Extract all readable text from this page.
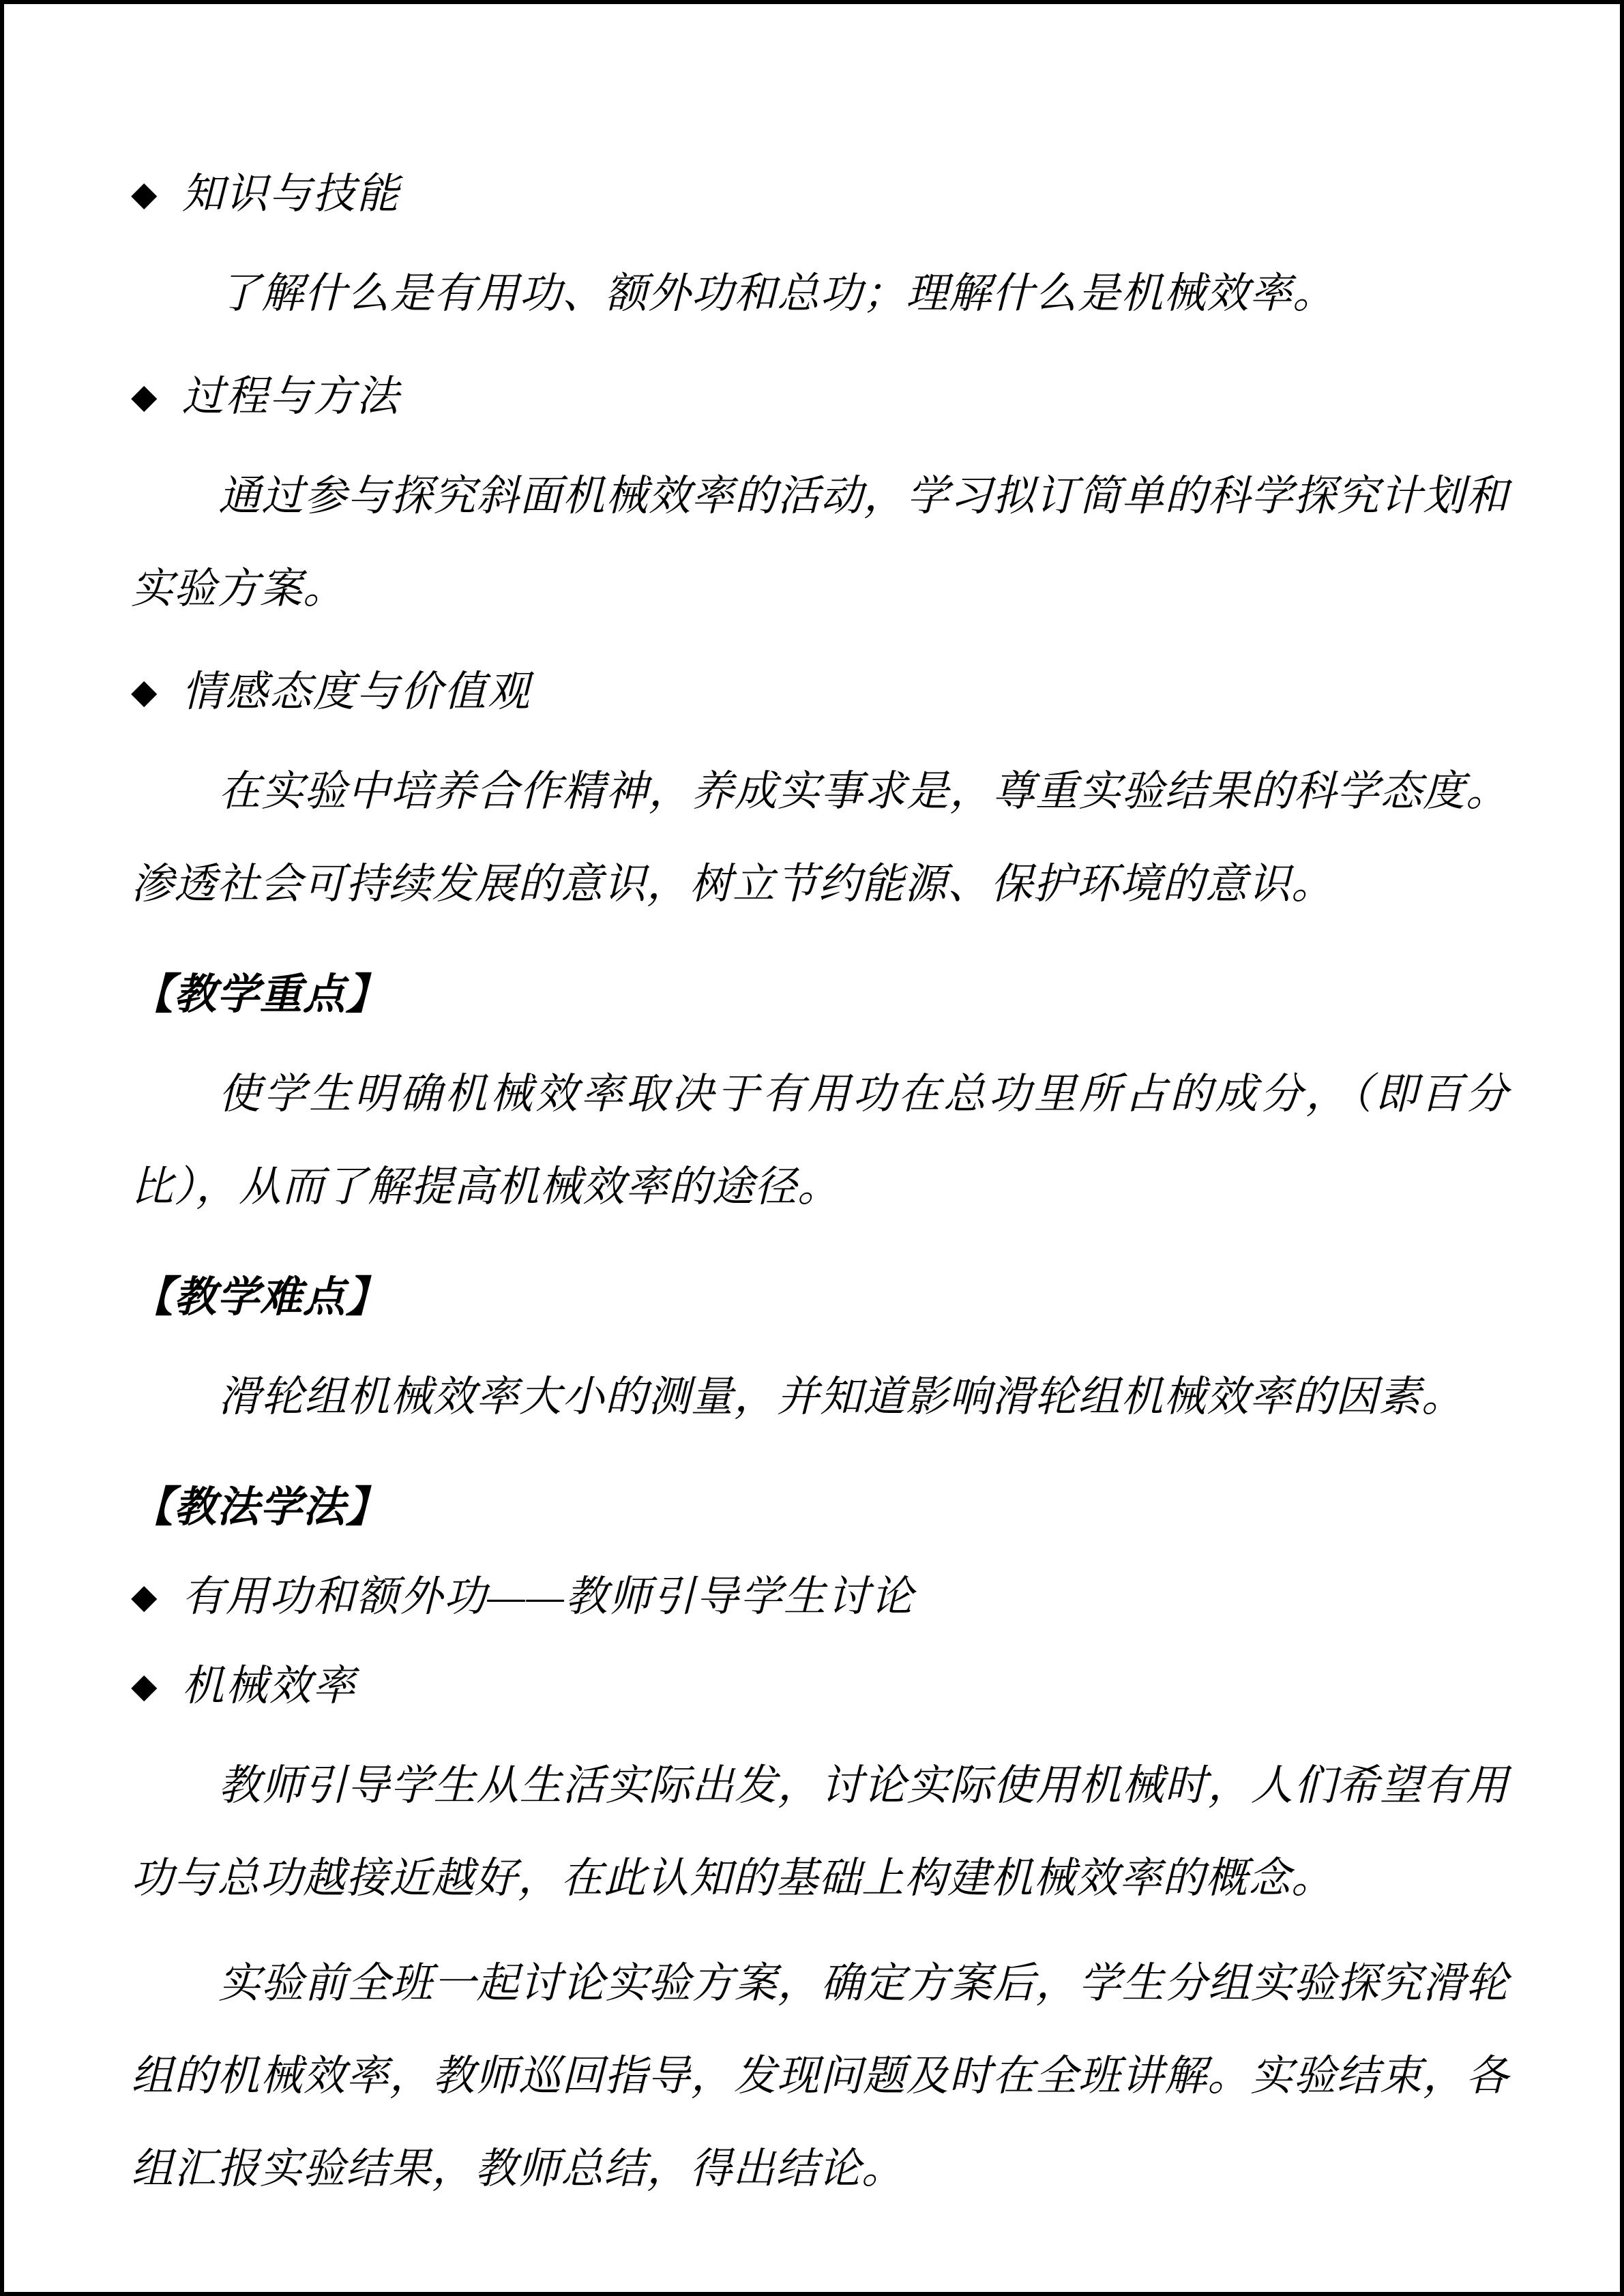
◆ 知识与技能

了解什么是有用功、额外功和总功；理解什么是机械效率。

◆ 过程与方法

通过参与探究斜面机械效率的活动，学习拟订简单的科学探究计划和实验方案。

◆ 情感态度与价值观

在实验中培养合作精神，养成实事求是，尊重实验结果的科学态度。渗透社会可持续发展的意识，树立节约能源、保护环境的意识。

【教学重点】

使学生明确机械效率取决于有用功在总功里所占的成分，（即百分比），从而了解提高机械效率的途径。

【教学难点】

滑轮组机械效率大小的测量，并知道影响滑轮组机械效率的因素。

【教法学法】
◆ 有用功和额外功——教师引导学生讨论
◆ 机械效率

教师引导学生从生活实际出发，讨论实际使用机械时，人们希望有用功与总功越接近越好，在此认知的基础上构建机械效率的概念。

实验前全班一起讨论实验方案，确定方案后，学生分组实验探究滑轮组的机械效率，教师巡回指导，发现问题及时在全班讲解。实验结束，各组汇报实验结果，教师总结，得出结论。
